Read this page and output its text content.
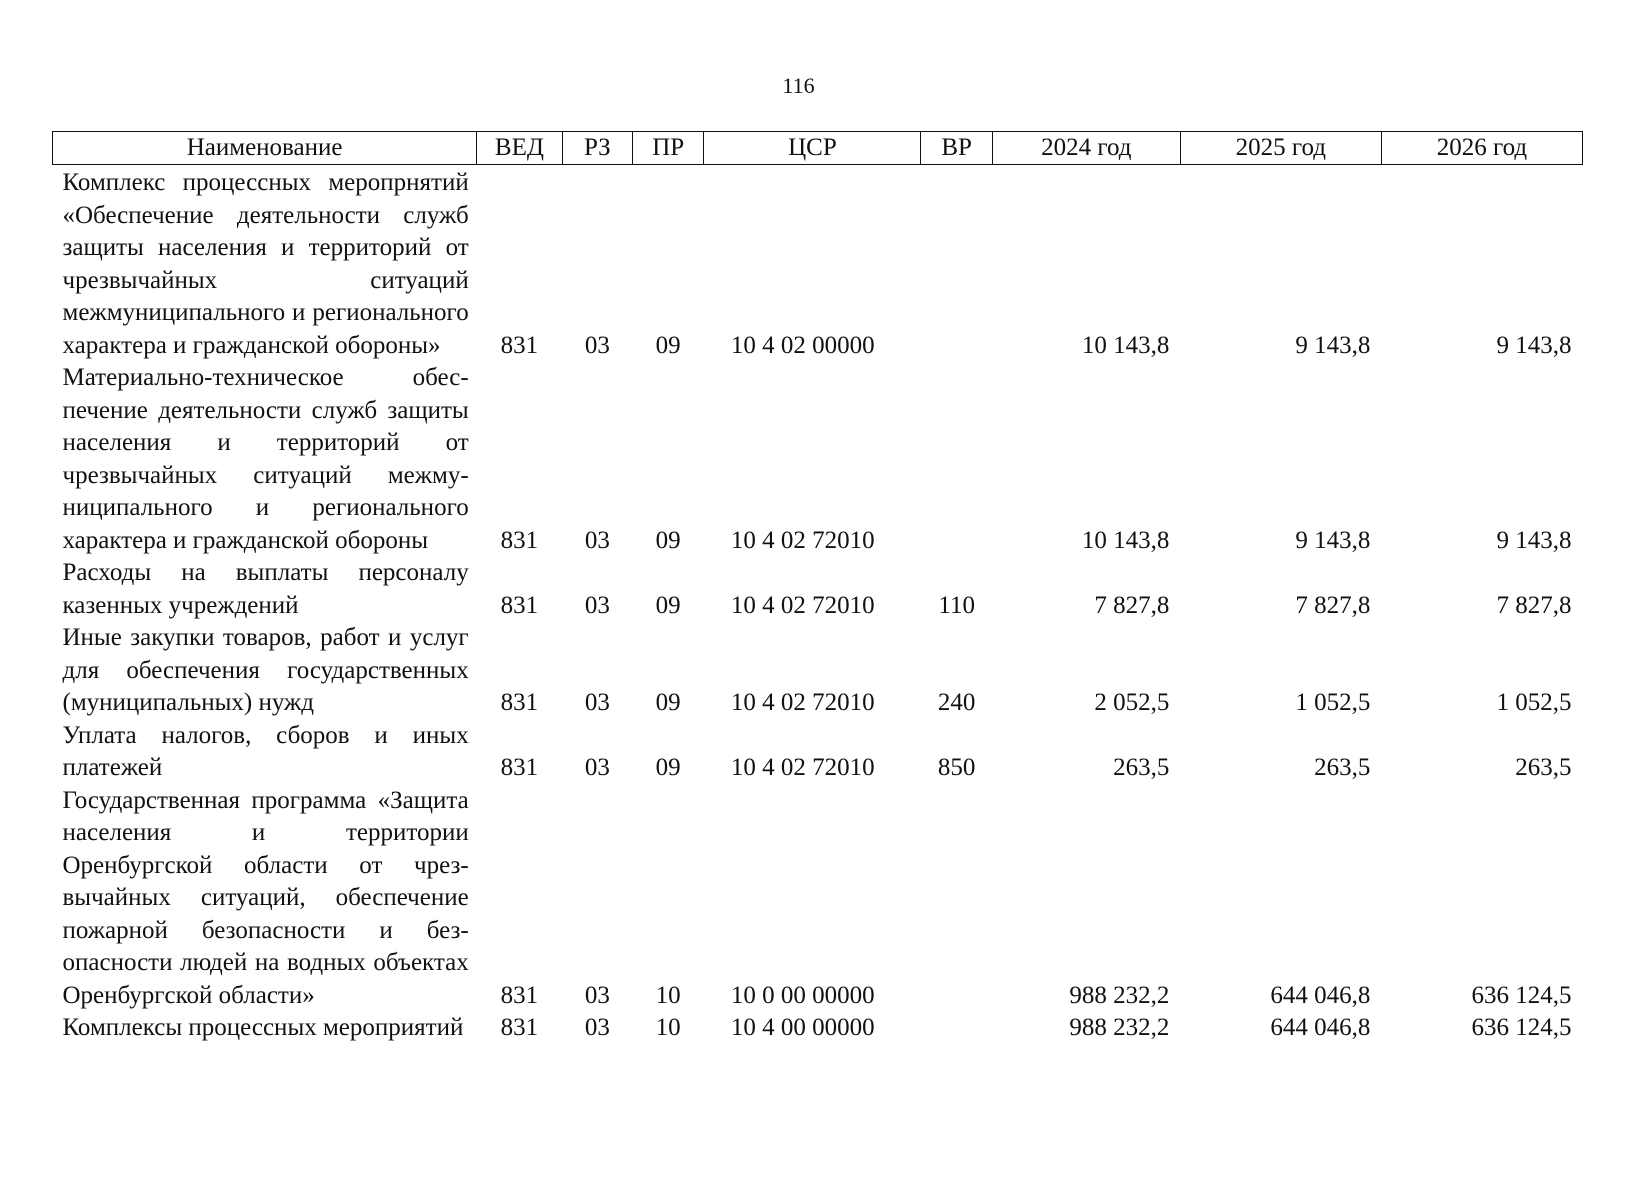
116
Наименование	ВЕД	РЗ	ПР	ЦСР	ВР	2024 год	2025 год	2026 год
Комплекс процессных меропрнятий «Обеспечение деятельности служб защиты населения и территорий от чрезвычайных ситуаций межмуниципального и регионального характера и гражданской обороны»	831	03	09	10 4 02 00000		10 143,8	9 143,8	9 143,8
Материально-техническое обеспечение деятельности служб защиты населения и территорий от чрезвычайных ситуаций межмуниципального и регионального характера и гражданской обороны	831	03	09	10 4 02 72010		10 143,8	9 143,8	9 143,8
Расходы на выплаты персоналу казенных учреждений	831	03	09	10 4 02 72010	110	7 827,8	7 827,8	7 827,8
Иные закупки товаров, работ и услуг для обеспечения государственных (муниципальных) нужд	831	03	09	10 4 02 72010	240	2 052,5	1 052,5	1 052,5
Уплата налогов, сборов и иных платежей	831	03	09	10 4 02 72010	850	263,5	263,5	263,5
Государственная программа «Защита населения и территории Оренбургской области от чрезвычайных ситуаций, обеспечение пожарной безопасности и безопасности людей на водных объектах Оренбургской области»	831	03	10	10 0 00 00000		988 232,2	644 046,8	636 124,5
Комплексы процессных мероприятий	831	03	10	10 4 00 00000		988 232,2	644 046,8	636 124,5
